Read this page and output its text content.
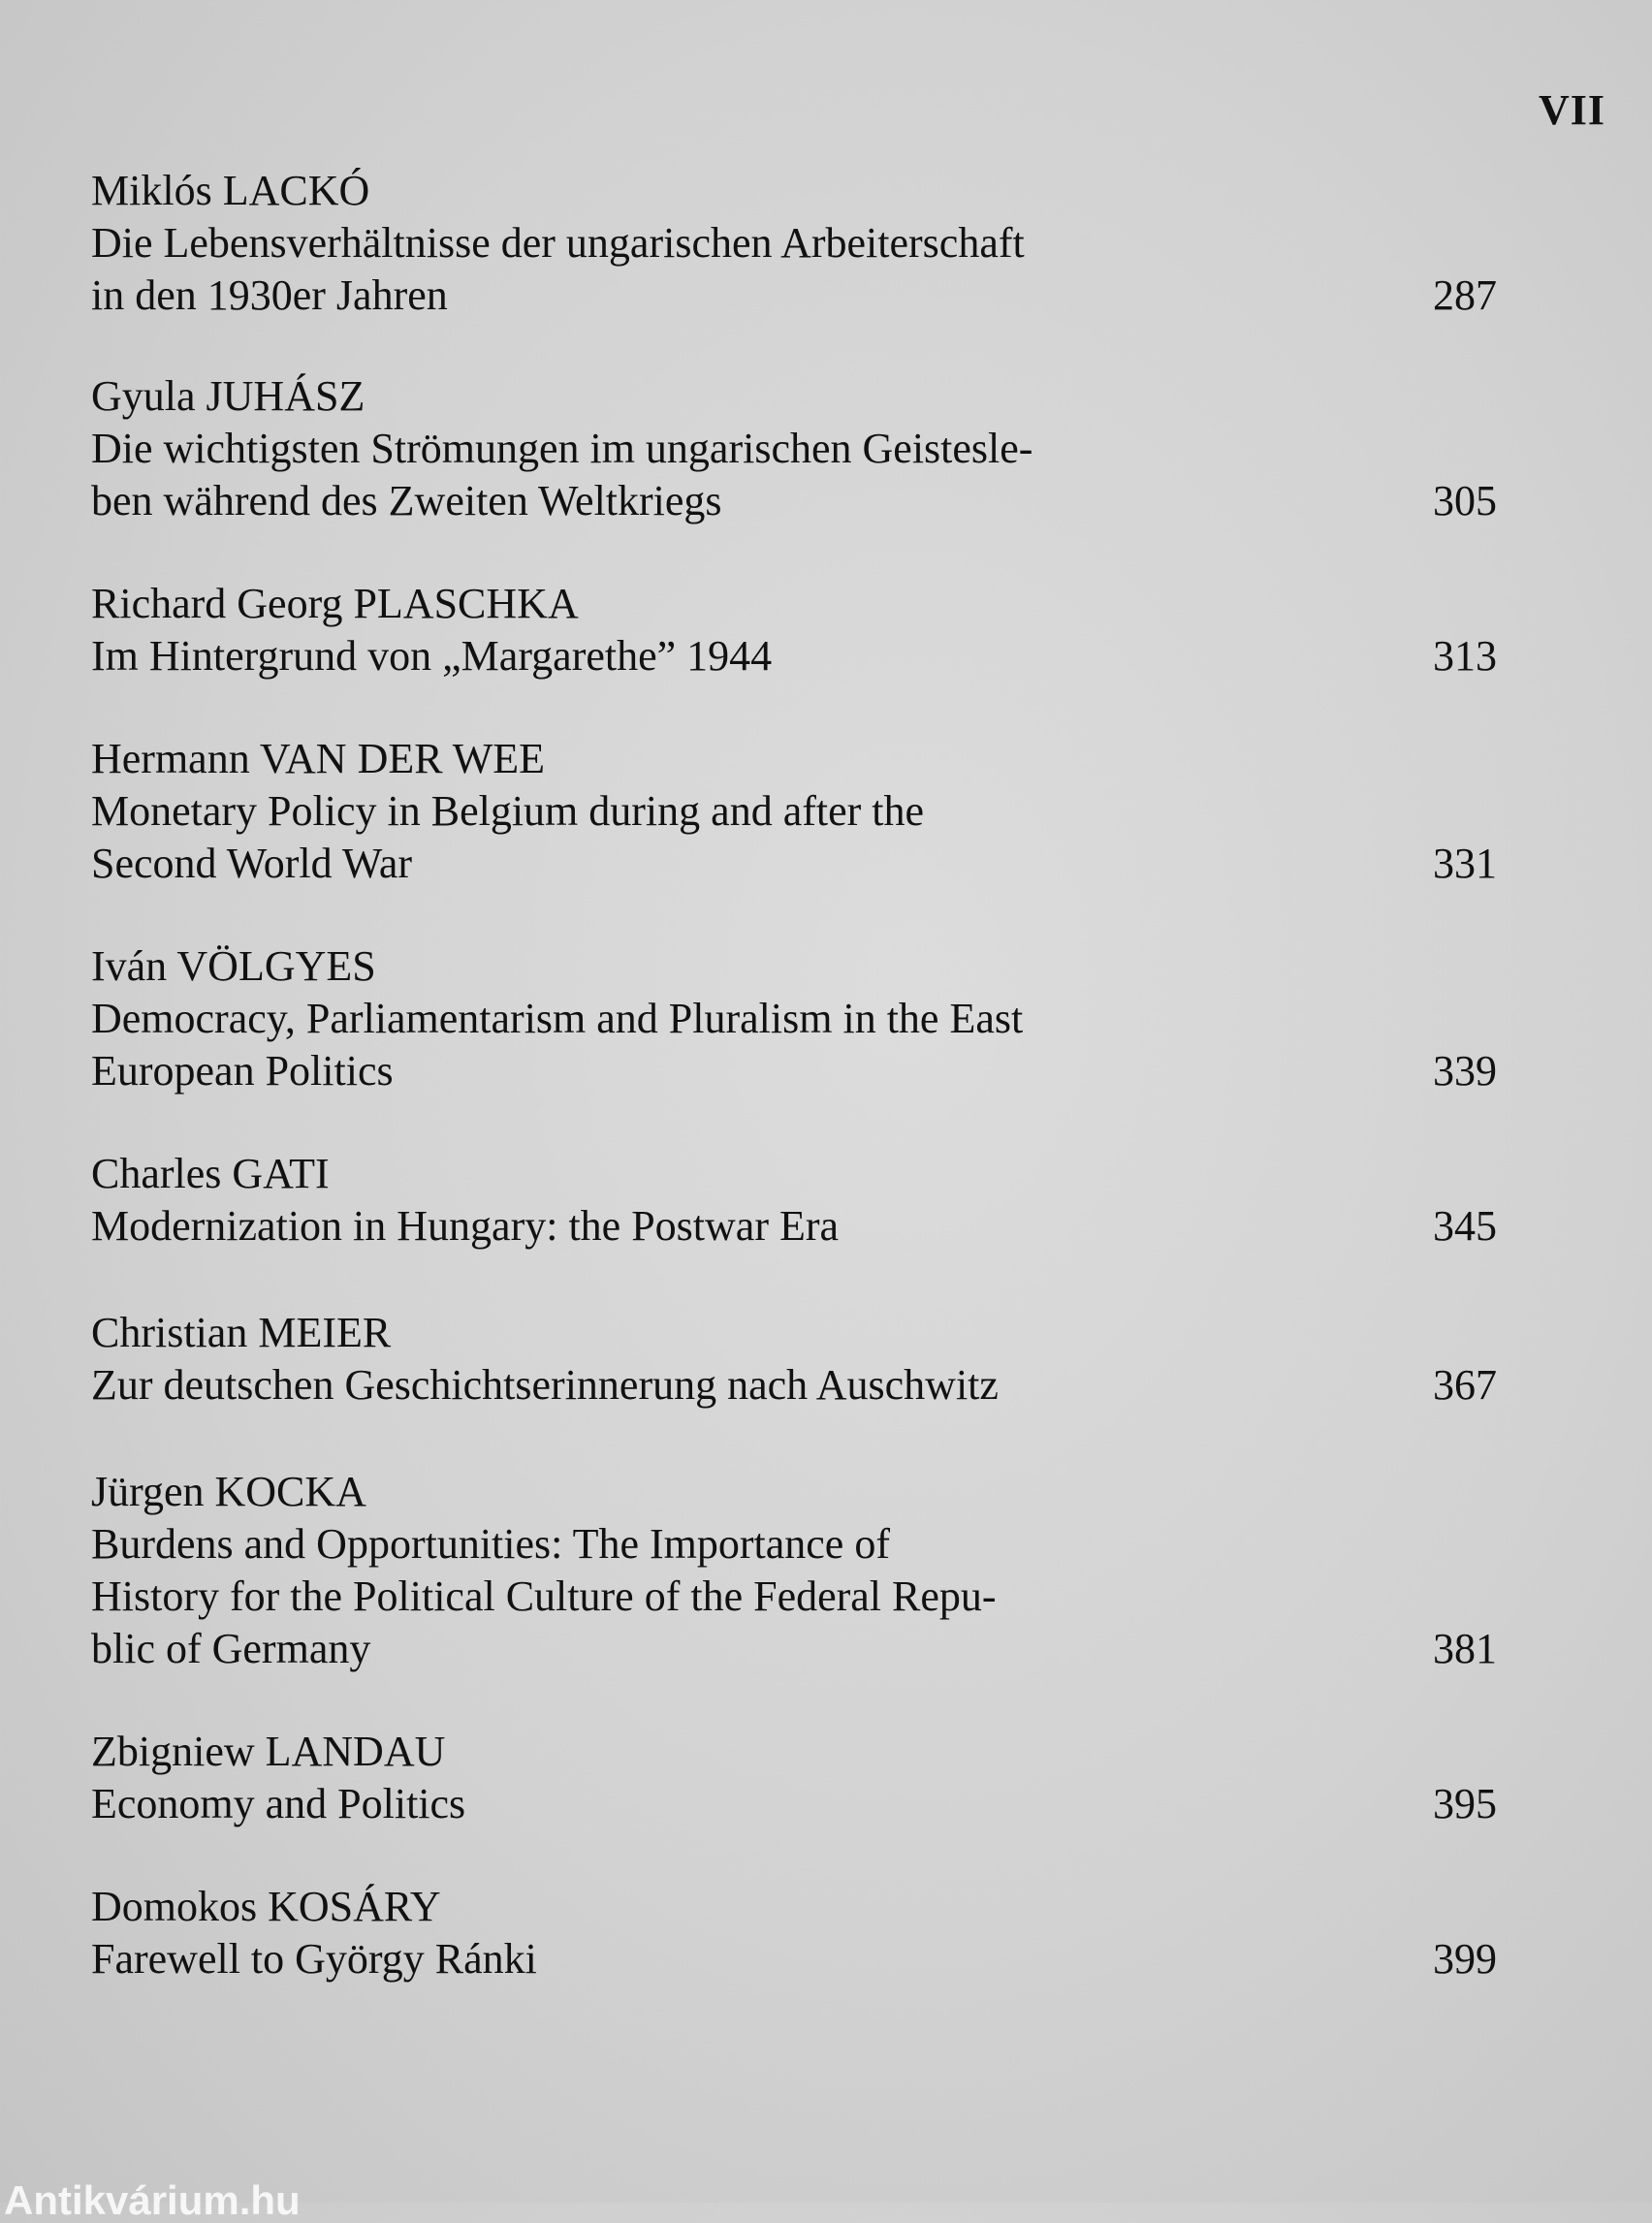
VII
Miklós LACKÓ
Die Lebensverhältnisse der ungarischen Arbeiterschaft
in den 1930er Jahren	287
Gyula JUHÁSZ
Die wichtigsten Strömungen im ungarischen Geistesle-
ben während des Zweiten Weltkriegs	305
Richard Georg PLASCHKA
Im Hintergrund von „Margarethe” 1944	313
Hermann VAN DER WEE
Monetary Policy in Belgium during and after the
Second World War	331
Iván VÖLGYES
Democracy, Parliamentarism and Pluralism in the East
European Politics	339
Charles GATI
Modernization in Hungary: the Postwar Era	345
Christian MEIER
Zur deutschen Geschichtserinnerung nach Auschwitz	367
Jürgen KOCKA
Burdens and Opportunities: The Importance of
History for the Political Culture of the Federal Repu-
blic of Germany	381
Zbigniew LANDAU
Economy and Politics	395
Domokos KOSÁRY
Farewell to György Ránki	399
Antikvárium.hu
